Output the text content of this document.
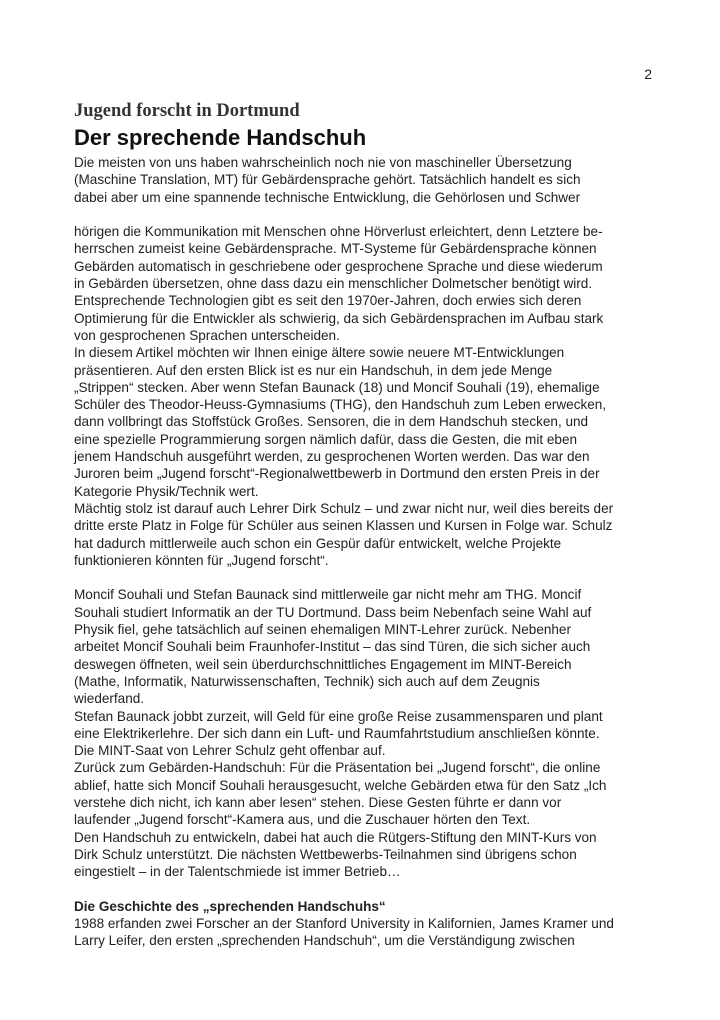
2
Jugend forscht in Dortmund
Der sprechende Handschuh

Die meisten von uns haben wahrscheinlich noch nie von maschineller Übersetzung
(Maschine Translation, MT) für Gebärdensprache gehört. Tatsächlich handelt es sich
dabei aber um eine spannende technische Entwicklung, die Gehörlosen und Schwer

hörigen die Kommunikation mit Menschen ohne Hörverlust erleichtert, denn Letztere be-
herrschen zumeist keine Gebärdensprache. MT-Systeme für Gebärdensprache können
Gebärden automatisch in geschriebene oder gesprochene Sprache und diese wiederum
in Gebärden übersetzen, ohne dass dazu ein menschlicher Dolmetscher benötigt wird.
Entsprechende Technologien gibt es seit den 1970er-Jahren, doch erwies sich deren
Optimierung für die Entwickler als schwierig, da sich Gebärdensprachen im Aufbau stark
von gesprochenen Sprachen unterscheiden.

In diesem Artikel möchten wir Ihnen einige ältere sowie neuere MT-Entwicklungen
präsentieren. Auf den ersten Blick ist es nur ein Handschuh, in dem jede Menge
„Strippen“ stecken. Aber wenn Stefan Baunack (18) und Moncif Souhali (19), ehemalige
Schüler des Theodor-Heuss-Gymnasiums (THG), den Handschuh zum Leben erwecken,
dann vollbringt das Stoffstück Großes. Sensoren, die in dem Handschuh stecken, und
eine spezielle Programmierung sorgen nämlich dafür, dass die Gesten, die mit eben
jenem Handschuh ausgeführt werden, zu gesprochenen Worten werden. Das war den
Juroren beim „Jugend forscht“-Regionalwettbewerb in Dortmund den ersten Preis in der
Kategorie Physik/Technik wert.

Mächtig stolz ist darauf auch Lehrer Dirk Schulz – und zwar nicht nur, weil dies bereits der
dritte erste Platz in Folge für Schüler aus seinen Klassen und Kursen in Folge war. Schulz
hat dadurch mittlerweile auch schon ein Gespür dafür entwickelt, welche Projekte
funktionieren könnten für „Jugend forscht“.

Moncif Souhali und Stefan Baunack sind mittlerweile gar nicht mehr am THG. Moncif
Souhali studiert Informatik an der TU Dortmund. Dass beim Nebenfach seine Wahl auf
Physik fiel, gehe tatsächlich auf seinen ehemaligen MINT-Lehrer zurück. Nebenher
arbeitet Moncif Souhali beim Fraunhofer-Institut – das sind Türen, die sich sicher auch
deswegen öffneten, weil sein überdurchschnittliches Engagement im MINT-Bereich
(Mathe, Informatik, Naturwissenschaften, Technik) sich auch auf dem Zeugnis
wiederfand.

Stefan Baunack jobbt zurzeit, will Geld für eine große Reise zusammensparen und plant
eine Elektrikerlehre. Der sich dann ein Luft- und Raumfahrtstudium anschließen könnte.
Die MINT-Saat von Lehrer Schulz geht offenbar auf.

Zurück zum Gebärden-Handschuh: Für die Präsentation bei „Jugend forscht“, die online
ablief, hatte sich Moncif Souhali herausgesucht, welche Gebärden etwa für den Satz „Ich
verstehe dich nicht, ich kann aber lesen“ stehen. Diese Gesten führte er dann vor
laufender „Jugend forscht“-Kamera aus, und die Zuschauer hörten den Text.

Den Handschuh zu entwickeln, dabei hat auch die Rütgers-Stiftung den MINT-Kurs von
Dirk Schulz unterstützt. Die nächsten Wettbewerbs-Teilnahmen sind übrigens schon
eingestielt – in der Talentschmiede ist immer Betrieb…

Die Geschichte des „sprechenden Handschuhs“

1988 erfanden zwei Forscher an der Stanford University in Kalifornien, James Kramer und
Larry Leifer, den ersten „sprechenden Handschuh“, um die Verständigung zwischen
